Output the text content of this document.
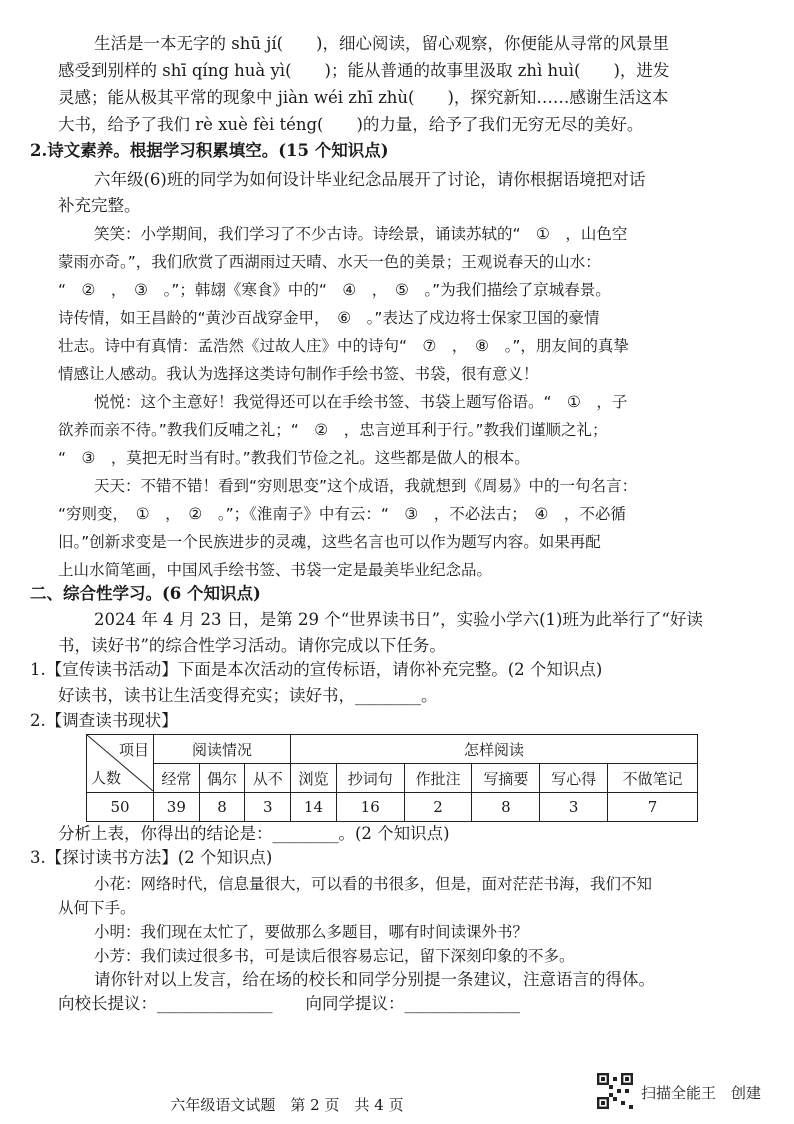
生活是一本无字的 shū jí(　　)，细心阅读，留心观察，你便能从寻常的风景里
感受到别样的 shī qíng huà yì(　　)；能从普通的故事里汲取 zhì huì(　　)，进发
灵感；能从极其平常的现象中 jiàn wéi zhī zhù(　　)，探究新知……感谢生活这本
大书，给予了我们 rè xuè fèi téng(　　)的力量，给予了我们无穷无尽的美好。
2.诗文素养。根据学习积累填空。(15 个知识点)
六年级(6)班的同学为如何设计毕业纪念品展开了讨论，请你根据语境把对话
补充完整。
笑笑：小学期间，我们学习了不少古诗。诗绘景，诵读苏轼的“　①　，山色空
蒙雨亦奇。”，我们欣赏了西湖雨过天晴、水天一色的美景；王观说春天的山水：
“　②　，　③　。”；韩翃《寒食》中的“　④　，　⑤　。”为我们描绘了京城春景。
诗传情，如王昌龄的“黄沙百战穿金甲，　⑥　。”表达了戍边将士保家卫国的豪情
壮志。诗中有真情：孟浩然《过故人庄》中的诗句“　⑦　，　⑧　。”，朋友间的真挚
情感让人感动。我认为选择这类诗句制作手绘书签、书袋，很有意义！
悦悦：这个主意好！我觉得还可以在手绘书签、书袋上题写俗语。“　①　，子
欲养而亲不待。”教我们反哺之礼；“　②　，忠言逆耳利于行。”教我们谨顺之礼；
“　③　，莫把无时当有时。”教我们节俭之礼。这些都是做人的根本。
天天：不错不错！看到“穷则思变”这个成语，我就想到《周易》中的一句名言：
“穷则变，　①　，　②　。”；《淮南子》中有云：“　③　，不必法古；　④　，不必循
旧。”创新求变是一个民族进步的灵魂，这些名言也可以作为题写内容。如果再配
上山水简笔画，中国风手绘书签、书袋一定是最美毕业纪念品。
二、综合性学习。(6 个知识点)
2024 年 4 月 23 日，是第 29 个“世界读书日”，实验小学六(1)班为此举行了“好读
书，读好书”的综合性学习活动。请你完成以下任务。
1.【宣传读书活动】下面是本次活动的宣传标语，请你补充完整。(2 个知识点)
好读书，读书让生活变得充实；读好书，________。
2.【调查读书现状】
项目
人数	阅读情况			怎样阅读					
	经常	偶尔	从不	浏览	抄词句	作批注	写摘要	写心得	不做笔记
50	39	8	3	14	16	2	8	3	7
分析上表，你得出的结论是：________。(2 个知识点)
3.【探讨读书方法】(2 个知识点)
小花：网络时代，信息量很大，可以看的书很多，但是，面对茫茫书海，我们不知
从何下手。
小明：我们现在太忙了，要做那么多题目，哪有时间读课外书？
小芳：我们读过很多书，可是读后很容易忘记，留下深刻印象的不多。
请你针对以上发言，给在场的校长和同学分别提一条建议，注意语言的得体。
向校长提议：______________　　向同学提议：______________
六年级语文试题　第 2 页　共 4 页
扫描全能王　创建
